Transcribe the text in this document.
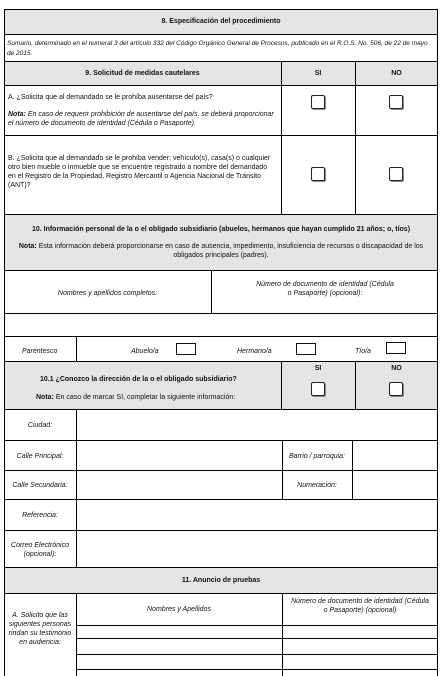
8. Especificación del procedimiento
Sumario, determinado en el numeral 3 del artículo 332 del Código Orgánico General de Procesos, publicado en el R.O.S. No. 506, de 22 de mayo de 2015.
9. Solicitud de medidas cautelares	SI	NO
A. ¿Solicita que al demandado se le prohíba ausentarse del país?
Nota: En caso de requerir prohibición de ausentarse del país, se deberá proporcionar el número de documento de identidad (Cédula o Pasaporte).
B. ¿Solicita que al demandado se le prohíba vender: vehículo(s), casa(s) o cualquier otro bien mueble o inmueble que se encuentre registrado a nombre del demandado en el Registro de la Propiedad, Registro Mercantil o Agencia Nacional de Tránsito (ANT)?
10. Información personal de la o el obligado subsidiario (abuelos, hermanos que hayan cumplido 21 años; o, tíos)
Nota: Esta información deberá proporcionarse en caso de ausencia, impedimento, insuficiencia de recursos o discapacidad de los obligados principales (padres).
Nombres y apellidos completos:
Número de documento de identidad (Cédula o Pasaporte) (opcional):
Parentesco	Abuelo/a	Hermano/a	Tío/a
10.1 ¿Conozco la dirección de la o el obligado subsidiario?
Nota: En caso de marcar SI, completar la siguiente información:
SI	NO
Ciudad:
Calle Principal:	Barrio / parroquia:
Calle Secundaria:	Numeración:
Referencia:
Correo Electrónico (opcional):
11. Anuncio de pruebas
A. Solicito que las siguientes personas rindan su testimonio en audiencia:
Nombres y Apellidos
Número de documento de identidad (Cédula o Pasaporte) (opcional)
